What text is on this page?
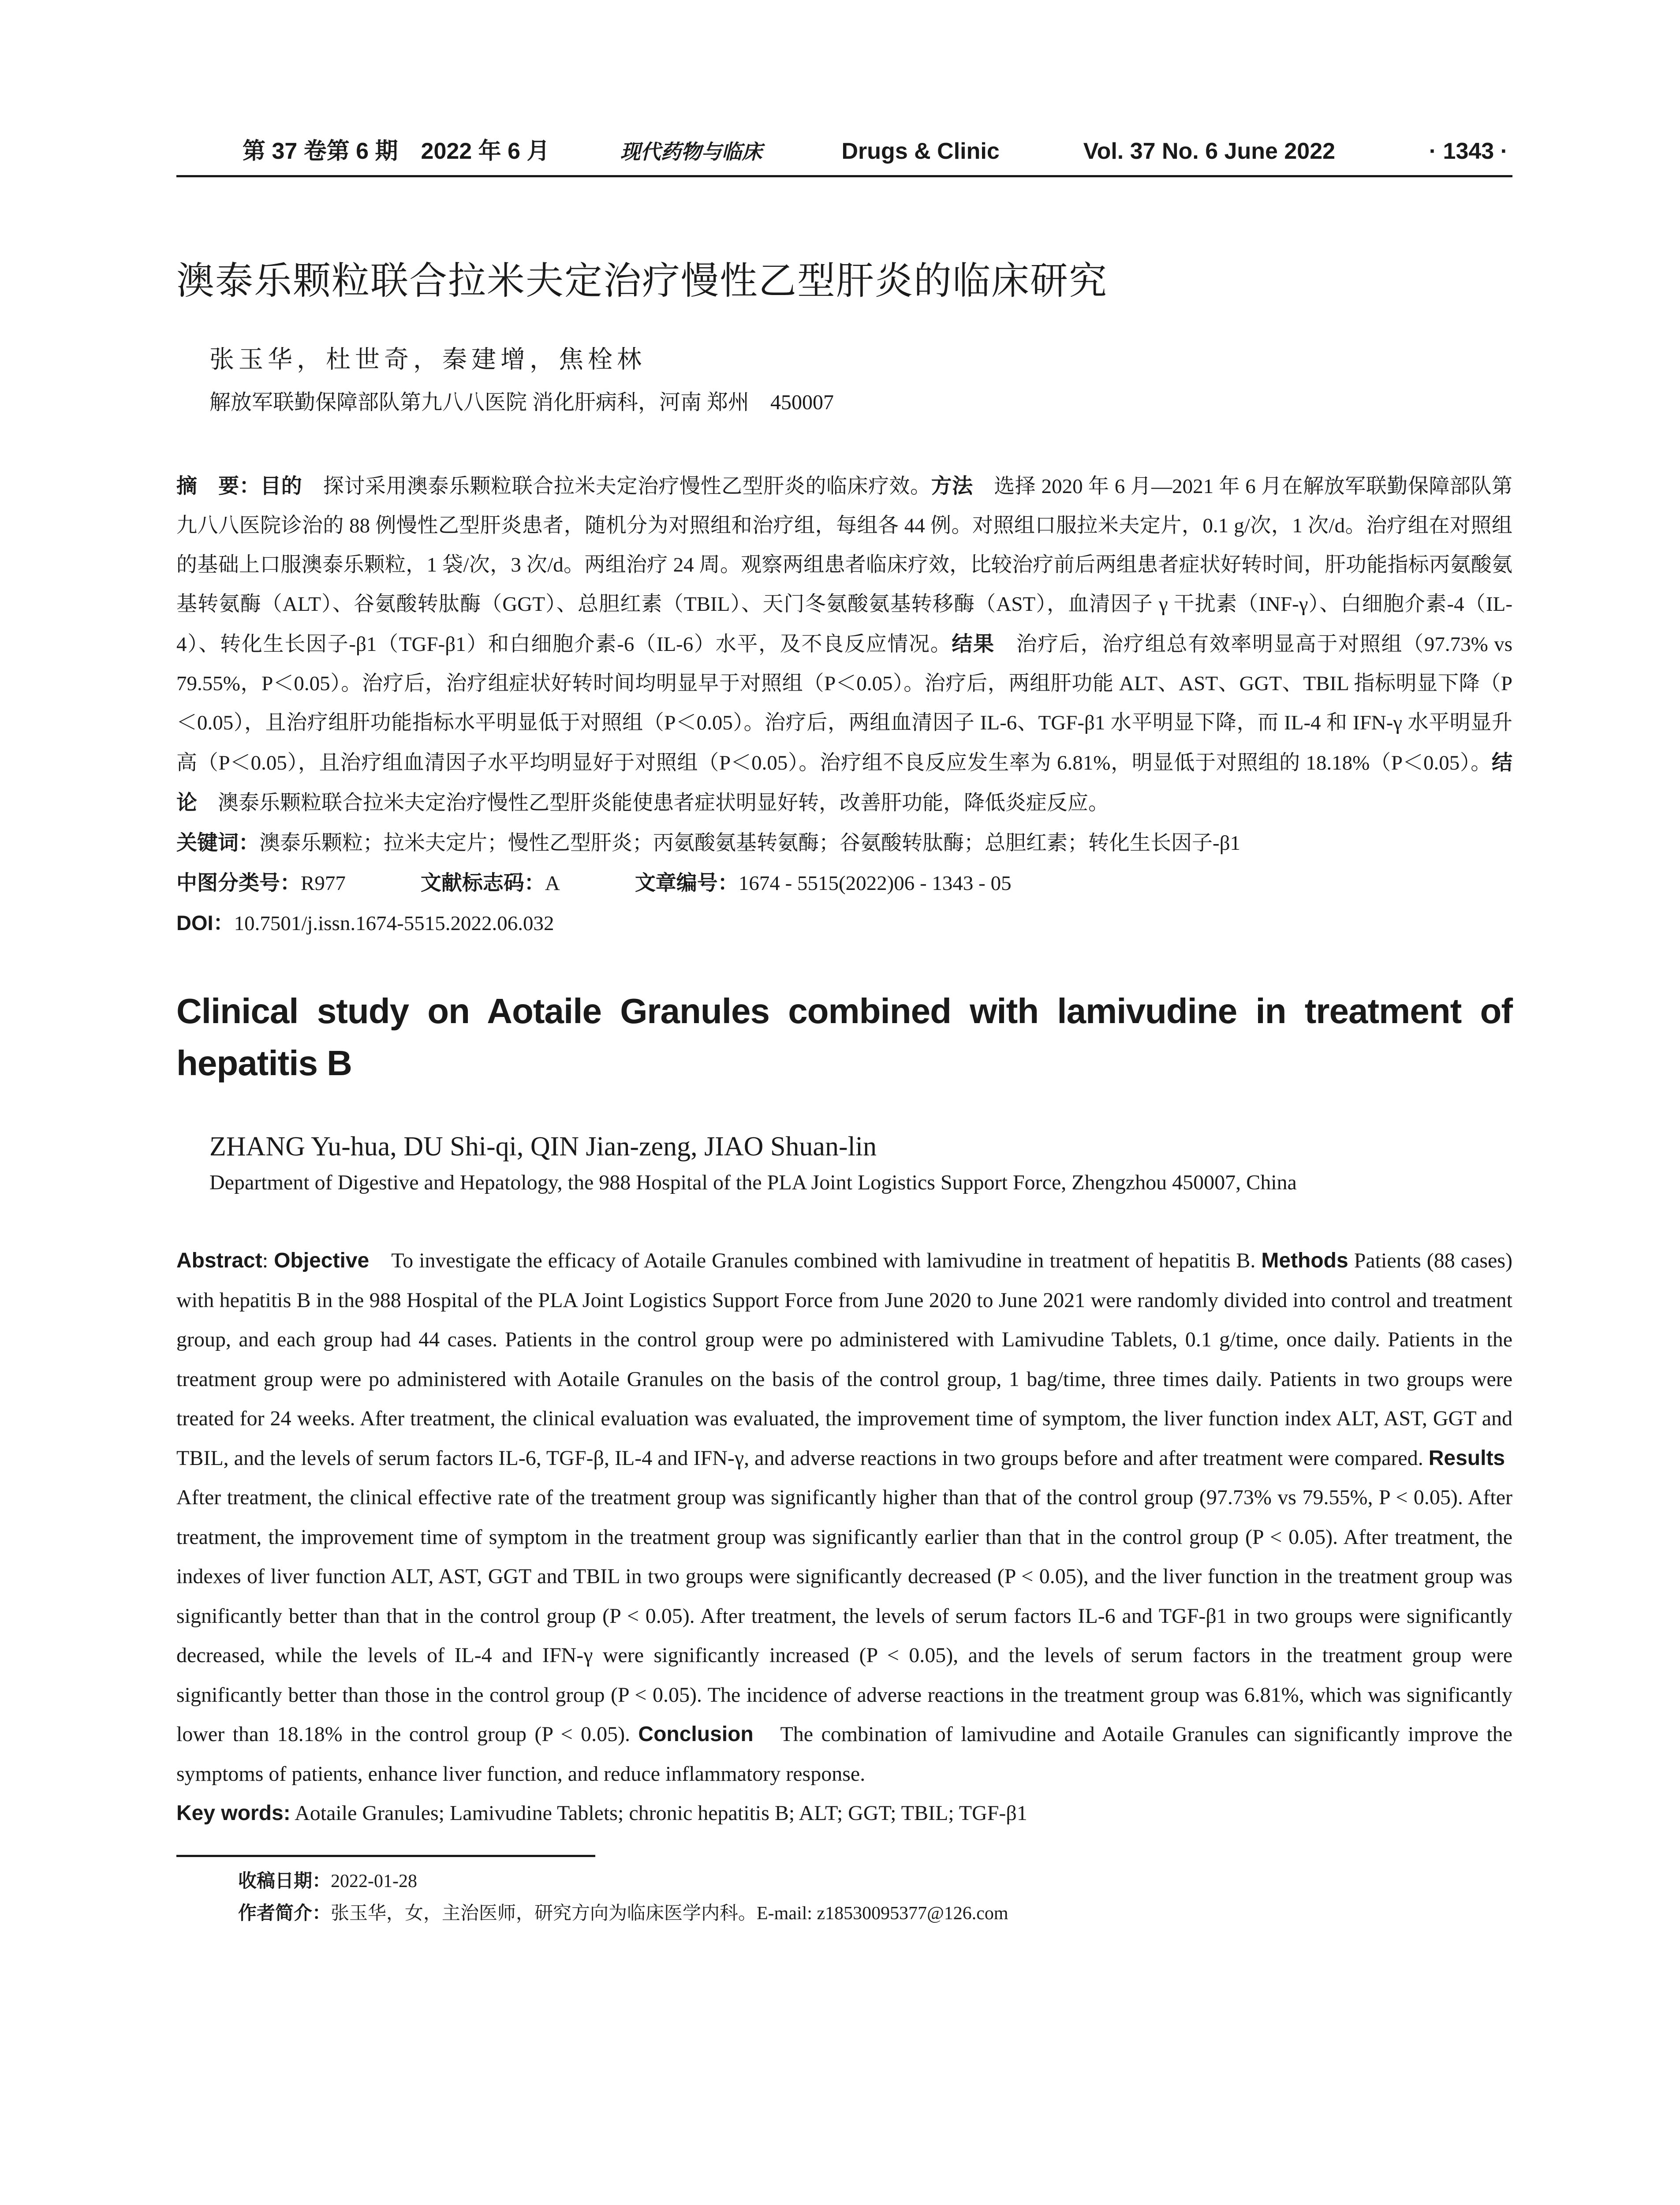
第 37 卷第 6 期　2022 年 6 月	现代药物与临床	Drugs & Clinic	Vol. 37 No. 6 June 2022	· 1343 ·
澳泰乐颗粒联合拉米夫定治疗慢性乙型肝炎的临床研究
张玉华，杜世奇，秦建增，焦栓林
解放军联勤保障部队第九八八医院 消化肝病科，河南 郑州　450007
摘　要：目的　探讨采用澳泰乐颗粒联合拉米夫定治疗慢性乙型肝炎的临床疗效。方法　选择 2020 年 6 月—2021 年 6 月在解放军联勤保障部队第九八八医院诊治的 88 例慢性乙型肝炎患者，随机分为对照组和治疗组，每组各 44 例。对照组口服拉米夫定片，0.1 g/次，1 次/d。治疗组在对照组的基础上口服澳泰乐颗粒，1 袋/次，3 次/d。两组治疗 24 周。观察两组患者临床疗效，比较治疗前后两组患者症状好转时间，肝功能指标丙氨酸氨基转氨酶（ALT）、谷氨酸转肽酶（GGT）、总胆红素（TBIL）、天门冬氨酸氨基转移酶（AST），血清因子 γ 干扰素（INF-γ）、白细胞介素-4（IL-4）、转化生长因子-β1（TGF-β1）和白细胞介素-6（IL-6）水平，及不良反应情况。结果　治疗后，治疗组总有效率明显高于对照组（97.73% vs 79.55%，P＜0.05）。治疗后，治疗组症状好转时间均明显早于对照组（P＜0.05）。治疗后，两组肝功能 ALT、AST、GGT、TBIL 指标明显下降（P＜0.05），且治疗组肝功能指标水平明显低于对照组（P＜0.05）。治疗后，两组血清因子 IL-6、TGF-β1 水平明显下降，而 IL-4 和 IFN-γ 水平明显升高（P＜0.05），且治疗组血清因子水平均明显好于对照组（P＜0.05）。治疗组不良反应发生率为 6.81%，明显低于对照组的 18.18%（P＜0.05）。结论　澳泰乐颗粒联合拉米夫定治疗慢性乙型肝炎能使患者症状明显好转，改善肝功能，降低炎症反应。
关键词：澳泰乐颗粒；拉米夫定片；慢性乙型肝炎；丙氨酸氨基转氨酶；谷氨酸转肽酶；总胆红素；转化生长因子-β1
中图分类号：R977	文献标志码：A	文章编号：1674 - 5515(2022)06 - 1343 - 05
DOI：10.7501/j.issn.1674-5515.2022.06.032
Clinical study on Aotaile Granules combined with lamivudine in treatment of hepatitis B
ZHANG Yu-hua, DU Shi-qi, QIN Jian-zeng, JIAO Shuan-lin
Department of Digestive and Hepatology, the 988 Hospital of the PLA Joint Logistics Support Force, Zhengzhou 450007, China
Abstract: Objective　To investigate the efficacy of Aotaile Granules combined with lamivudine in treatment of hepatitis B. Methods Patients (88 cases) with hepatitis B in the 988 Hospital of the PLA Joint Logistics Support Force from June 2020 to June 2021 were randomly divided into control and treatment group, and each group had 44 cases. Patients in the control group were po administered with Lamivudine Tablets, 0.1 g/time, once daily. Patients in the treatment group were po administered with Aotaile Granules on the basis of the control group, 1 bag/time, three times daily. Patients in two groups were treated for 24 weeks. After treatment, the clinical evaluation was evaluated, the improvement time of symptom, the liver function index ALT, AST, GGT and TBIL, and the levels of serum factors IL-6, TGF-β, IL-4 and IFN-γ, and adverse reactions in two groups before and after treatment were compared. Results　After treatment, the clinical effective rate of the treatment group was significantly higher than that of the control group (97.73% vs 79.55%, P < 0.05). After treatment, the improvement time of symptom in the treatment group was significantly earlier than that in the control group (P < 0.05). After treatment, the indexes of liver function ALT, AST, GGT and TBIL in two groups were significantly decreased (P < 0.05), and the liver function in the treatment group was significantly better than that in the control group (P < 0.05). After treatment, the levels of serum factors IL-6 and TGF-β1 in two groups were significantly decreased, while the levels of IL-4 and IFN-γ were significantly increased (P < 0.05), and the levels of serum factors in the treatment group were significantly better than those in the control group (P < 0.05). The incidence of adverse reactions in the treatment group was 6.81%, which was significantly lower than 18.18% in the control group (P < 0.05). Conclusion　The combination of lamivudine and Aotaile Granules can significantly improve the symptoms of patients, enhance liver function, and reduce inflammatory response.
Key words: Aotaile Granules; Lamivudine Tablets; chronic hepatitis B; ALT; GGT; TBIL; TGF-β1
收稿日期：2022-01-28
作者简介：张玉华，女，主治医师，研究方向为临床医学内科。E-mail: z18530095377@126.com
